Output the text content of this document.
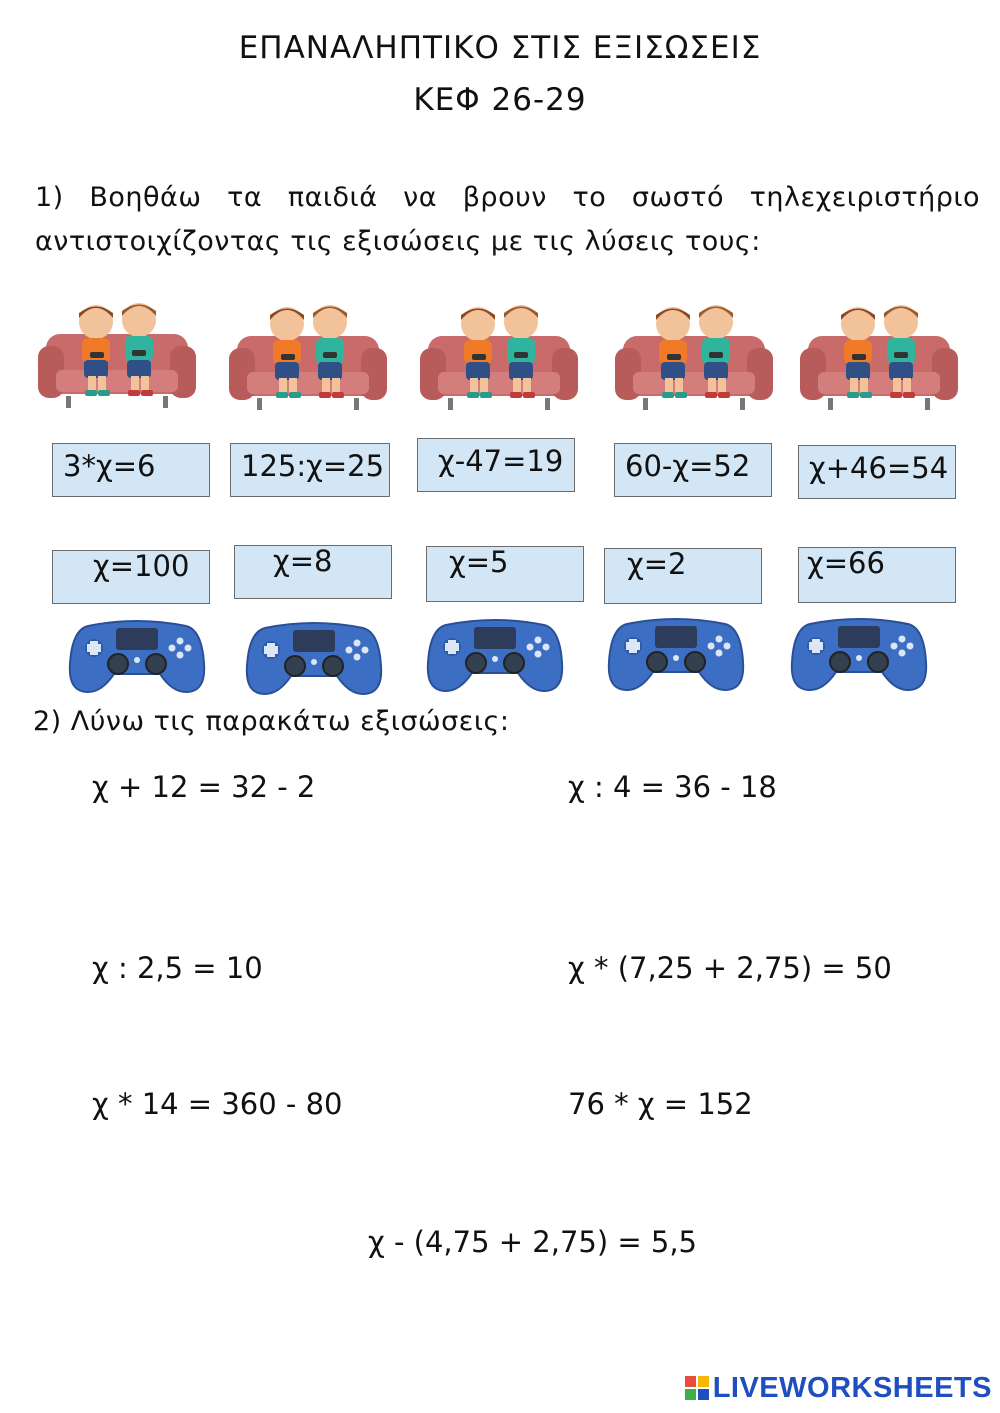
ΕΠΑΝΑΛΗΠΤΙΚΟ ΣΤΙΣ ΕΞΙΣΩΣΕΙΣ
ΚΕΦ 26-29
1) Βοηθάω τα παιδιά να βρουν το σωστό τηλεχειριστήριο αντιστοιχίζοντας τις εξισώσεις με τις λύσεις τους:
3*χ=6	125:χ=25	χ-47=19	60-χ=52	χ+46=54
χ=100	χ=8	χ=5	χ=2	χ=66
2) Λύνω τις παρακάτω εξισώσεις:
χ + 12 = 32 - 2	χ : 4 = 36 - 18
χ : 2,5 = 10	χ * (7,25 + 2,75) = 50
χ * 14 = 360 - 80	76 * χ = 152
χ - (4,75 + 2,75) = 5,5
LIVEWORKSHEETS
